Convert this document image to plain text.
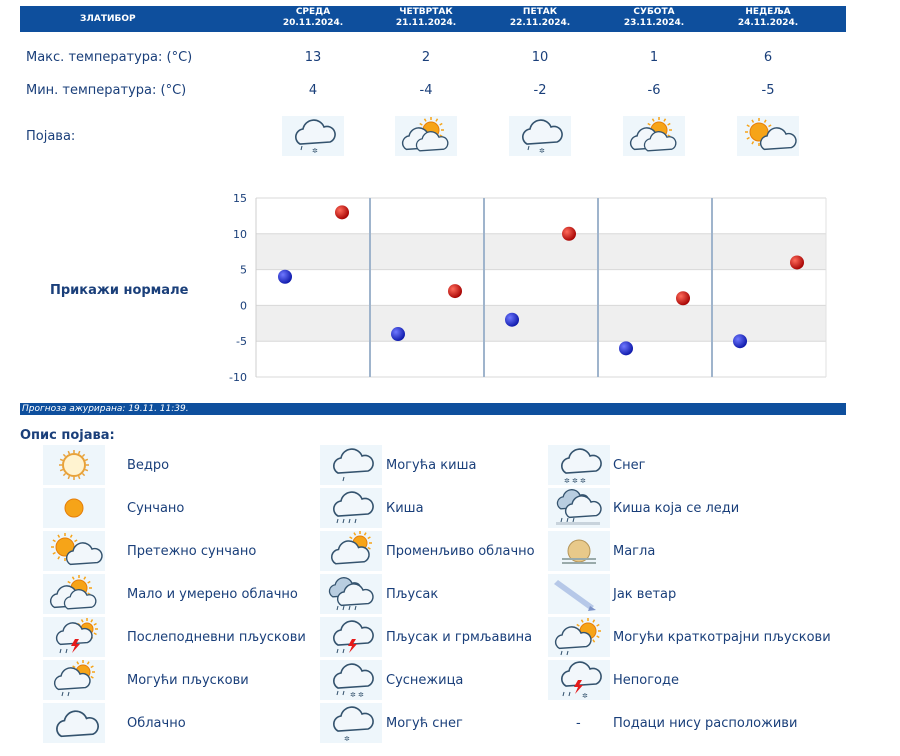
ЗЛАТИБОР
СРЕДА
20.11.2024.
ЧЕТВРТАК
21.11.2024.
ПЕТАК
22.11.2024.
СУБОТА
23.11.2024.
НЕДЕЉА
24.11.2024.
Макс. температура: (°C)
Мин. температура: (°C)
Појава:
13
4
✲
2
-4
10
-2
✲
1
-6
6
-5
15
10
5
0
-5
-10
Прикажи нормале
Прогноза ажурирана: 19.11. 11:39.
Опис појава:
Ведро
Сунчано
Претежно сунчано
Мало и умерено облачно
Послеподневни пљускови
Могући пљускови
Облачно
Могућа киша
Киша
Променљиво облачно
Пљусак
Пљусак и грмљавина
✲ ✲
Суснежица
✲
Могућ снег
✲ ✲ ✲
Снег
Киша која се леди
Магла
Јак ветар
Могући краткотрајни пљускови
✲
Непогоде
- Подаци нису расположиви
